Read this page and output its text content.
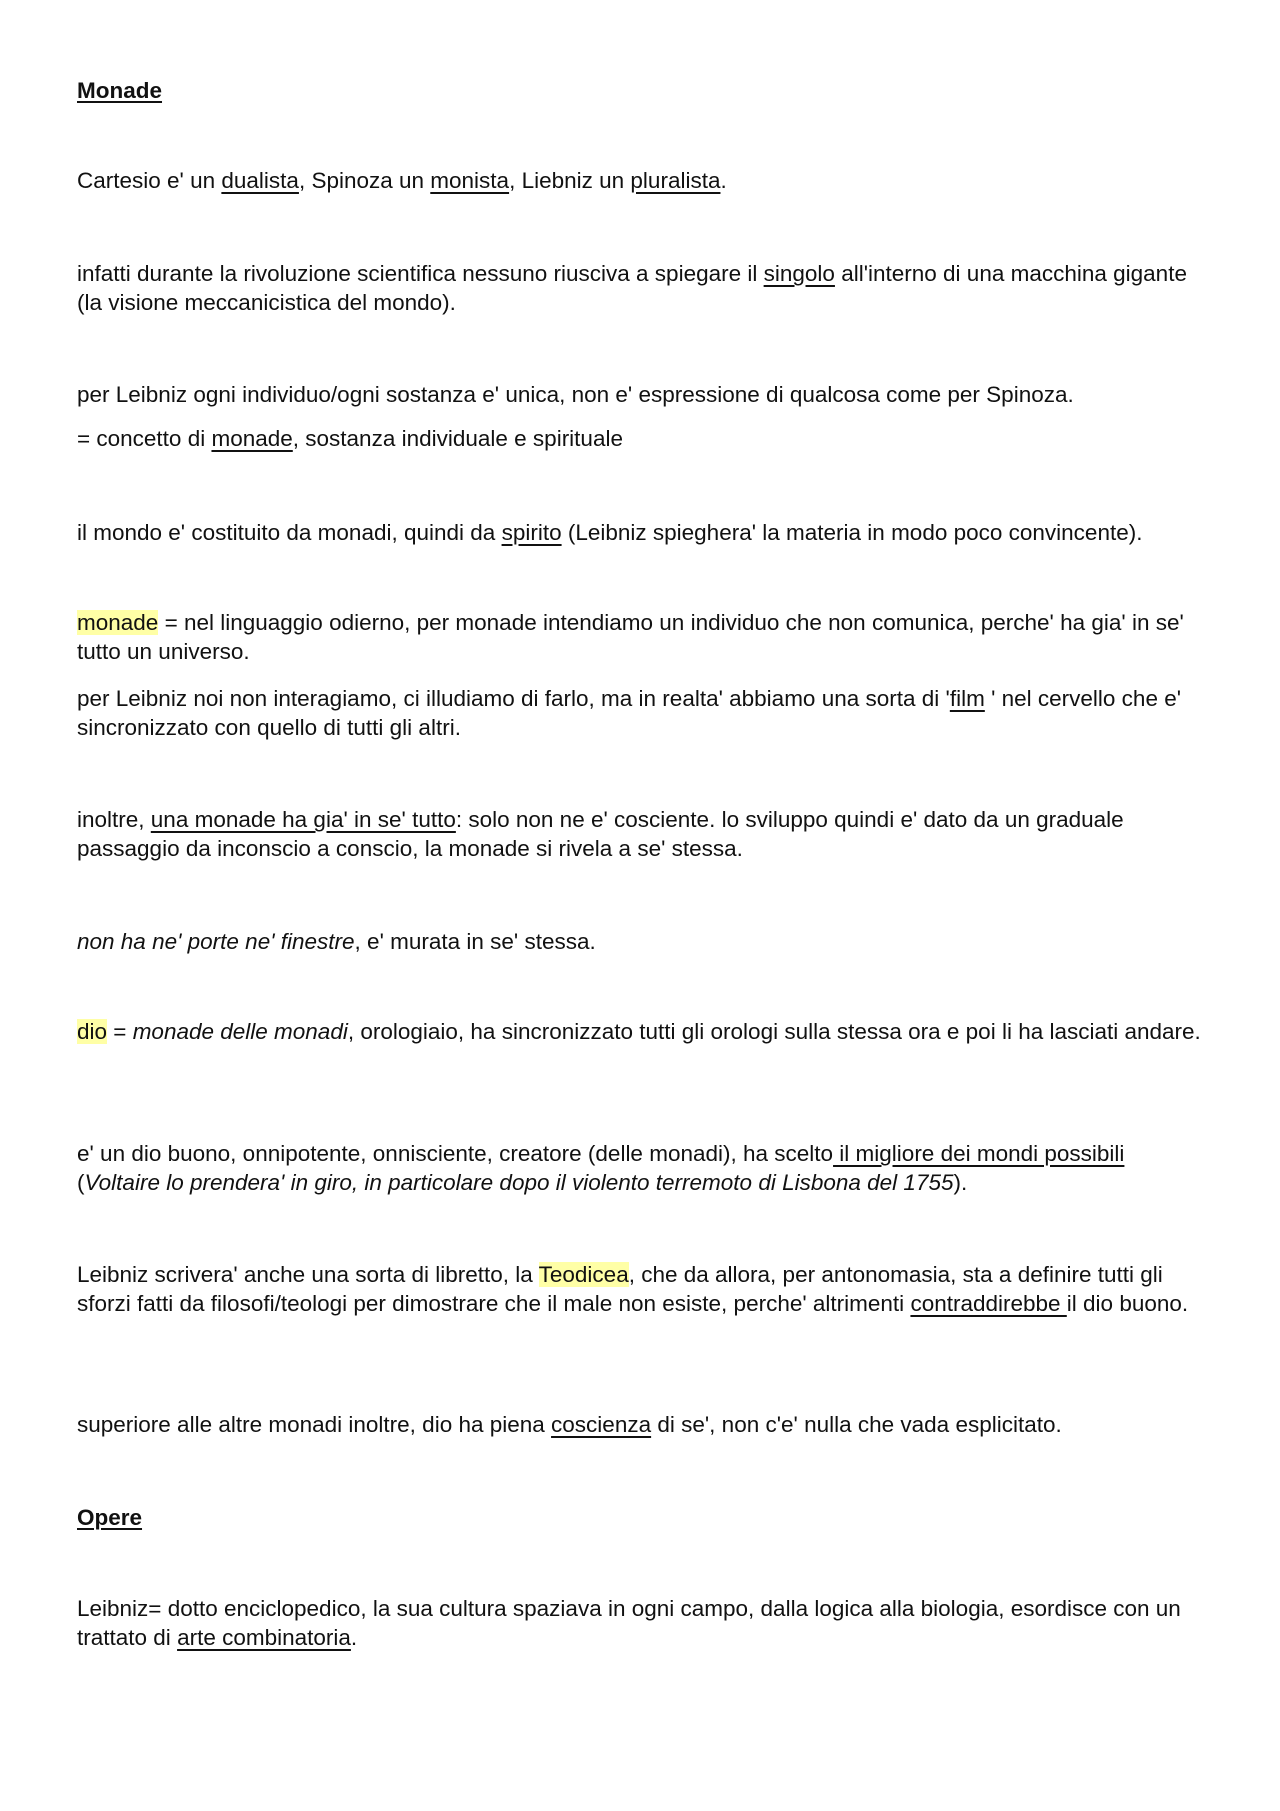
Monade

Cartesio e' un dualista, Spinoza un monista, Liebniz un pluralista.

infatti durante la rivoluzione scientifica nessuno riusciva a spiegare il singolo all'interno di una macchina gigante (la visione meccanicistica del mondo).

per Leibniz ogni individuo/ogni sostanza e' unica, non e' espressione di qualcosa come per Spinoza.

= concetto di monade, sostanza individuale e spirituale

il mondo e' costituito da monadi, quindi da spirito (Leibniz spieghera' la materia in modo poco convincente).

monade = nel linguaggio odierno, per monade intendiamo un individuo che non comunica, perche' ha gia' in se' tutto un universo.

per Leibniz noi non interagiamo, ci illudiamo di farlo, ma in realta' abbiamo una sorta di 'film ' nel cervello che e' sincronizzato con quello di tutti gli altri.

inoltre, una monade ha gia' in se' tutto: solo non ne e' cosciente. lo sviluppo quindi e' dato da un graduale passaggio da inconscio a conscio, la monade si rivela a se' stessa.

non ha ne' porte ne' finestre, e' murata in se' stessa.

dio = monade delle monadi, orologiaio, ha sincronizzato tutti gli orologi sulla stessa ora e poi li ha lasciati andare.

e' un dio buono, onnipotente, onnisciente, creatore (delle monadi), ha scelto il migliore dei mondi possibili (Voltaire lo prendera' in giro, in particolare dopo il violento terremoto di Lisbona del 1755).

Leibniz scrivera' anche una sorta di libretto, la Teodicea, che da allora, per antonomasia, sta a definire tutti gli sforzi fatti da filosofi/teologi per dimostrare che il male non esiste, perche' altrimenti contraddirebbe il dio buono.

superiore alle altre monadi inoltre, dio ha piena coscienza di se', non c'e' nulla che vada esplicitato.

Opere

Leibniz= dotto enciclopedico, la sua cultura spaziava in ogni campo, dalla logica alla biologia, esordisce con un trattato di arte combinatoria.
